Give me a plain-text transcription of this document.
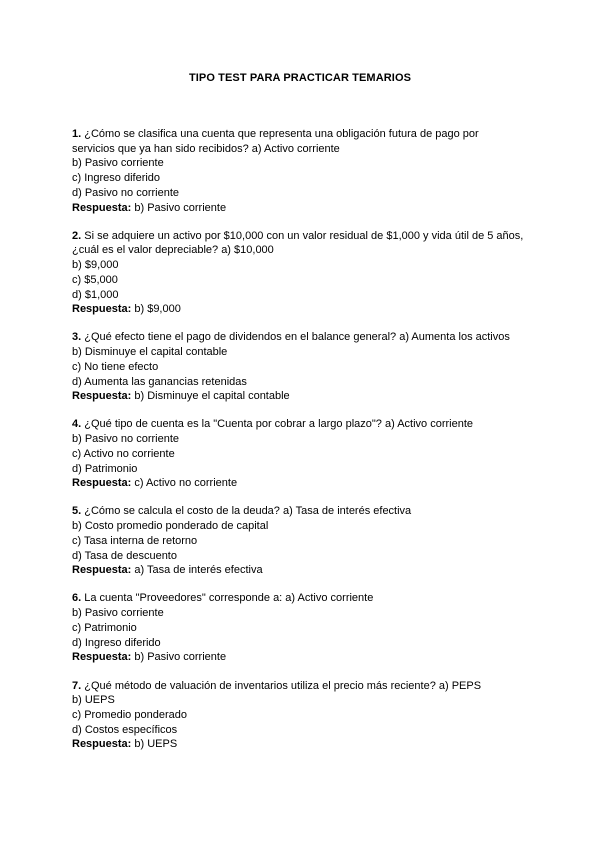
TIPO TEST PARA PRACTICAR TEMARIOS
1. ¿Cómo se clasifica una cuenta que representa una obligación futura de pago por
servicios que ya han sido recibidos? a) Activo corriente
b) Pasivo corriente
c) Ingreso diferido
d) Pasivo no corriente
Respuesta: b) Pasivo corriente
2. Si se adquiere un activo por $10,000 con un valor residual de $1,000 y vida útil de 5 años,
¿cuál es el valor depreciable? a) $10,000
b) $9,000
c) $5,000
d) $1,000
Respuesta: b) $9,000
3. ¿Qué efecto tiene el pago de dividendos en el balance general? a) Aumenta los activos
b) Disminuye el capital contable
c) No tiene efecto
d) Aumenta las ganancias retenidas
Respuesta: b) Disminuye el capital contable
4. ¿Qué tipo de cuenta es la "Cuenta por cobrar a largo plazo"? a) Activo corriente
b) Pasivo no corriente
c) Activo no corriente
d) Patrimonio
Respuesta: c) Activo no corriente
5. ¿Cómo se calcula el costo de la deuda? a) Tasa de interés efectiva
b) Costo promedio ponderado de capital
c) Tasa interna de retorno
d) Tasa de descuento
Respuesta: a) Tasa de interés efectiva
6. La cuenta "Proveedores" corresponde a: a) Activo corriente
b) Pasivo corriente
c) Patrimonio
d) Ingreso diferido
Respuesta: b) Pasivo corriente
7. ¿Qué método de valuación de inventarios utiliza el precio más reciente? a) PEPS
b) UEPS
c) Promedio ponderado
d) Costos específicos
Respuesta: b) UEPS
